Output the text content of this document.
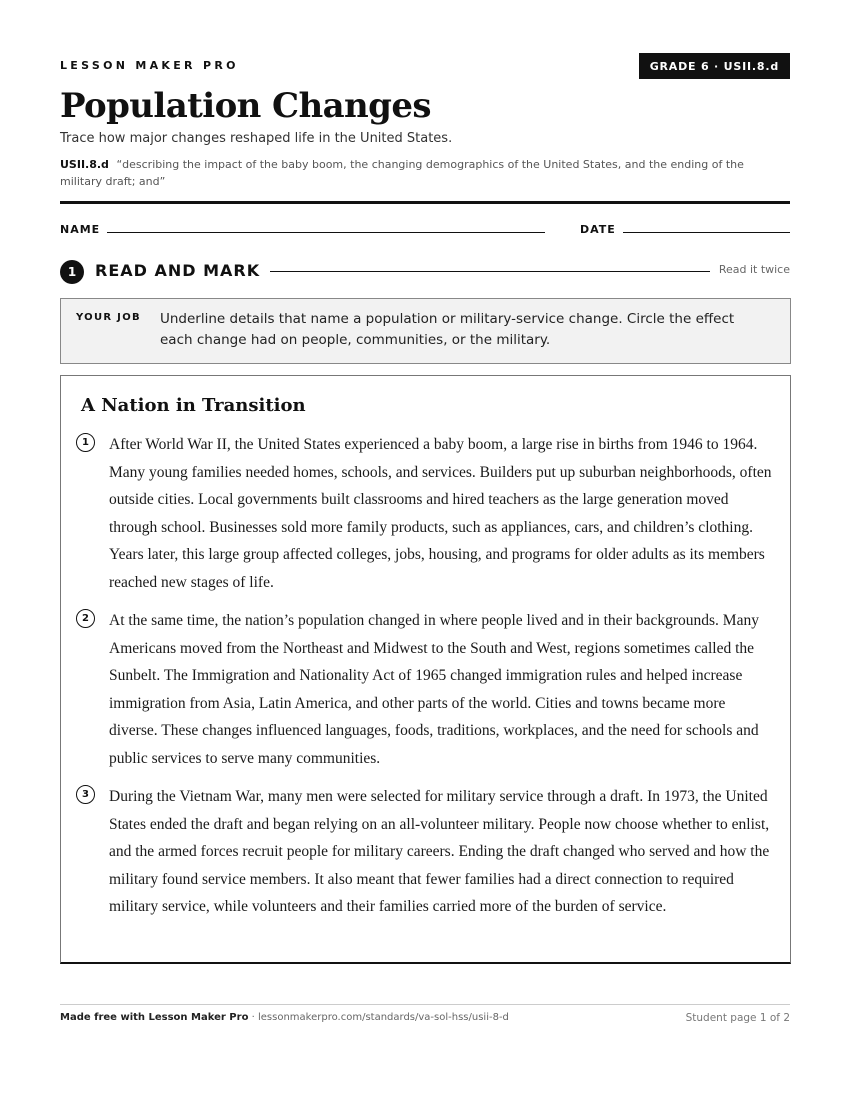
LESSON MAKER PRO	GRADE 6 · USII.8.d
Population Changes
Trace how major changes reshaped life in the United States.
USII.8.d “describing the impact of the baby boom, the changing demographics of the United States, and the ending of the military draft; and”
NAME	DATE
1	READ AND MARK	Read it twice
YOUR JOB Underline details that name a population or military-service change. Circle the effect each change had on people, communities, or the military.
A Nation in Transition
1	After World War II, the United States experienced a baby boom, a large rise in births from 1946 to 1964. Many young families needed homes, schools, and services. Builders put up suburban neighborhoods, often outside cities. Local governments built classrooms and hired teachers as the large generation moved through school. Businesses sold more family products, such as appliances, cars, and children’s clothing. Years later, this large group affected colleges, jobs, housing, and programs for older adults as its members reached new stages of life.
2	At the same time, the nation’s population changed in where people lived and in their backgrounds. Many Americans moved from the Northeast and Midwest to the South and West, regions sometimes called the Sunbelt. The Immigration and Nationality Act of 1965 changed immigration rules and helped increase immigration from Asia, Latin America, and other parts of the world. Cities and towns became more diverse. These changes influenced languages, foods, traditions, workplaces, and the need for schools and public services to serve many communities.
3	During the Vietnam War, many men were selected for military service through a draft. In 1973, the United States ended the draft and began relying on an all-volunteer military. People now choose whether to enlist, and the armed forces recruit people for military careers. Ending the draft changed who served and how the military found service members. It also meant that fewer families had a direct connection to required military service, while volunteers and their families carried more of the burden of service.
Made free with Lesson Maker Pro · lessonmakerpro.com/standards/va-sol-hss/usii-8-d	Student page 1 of 2
